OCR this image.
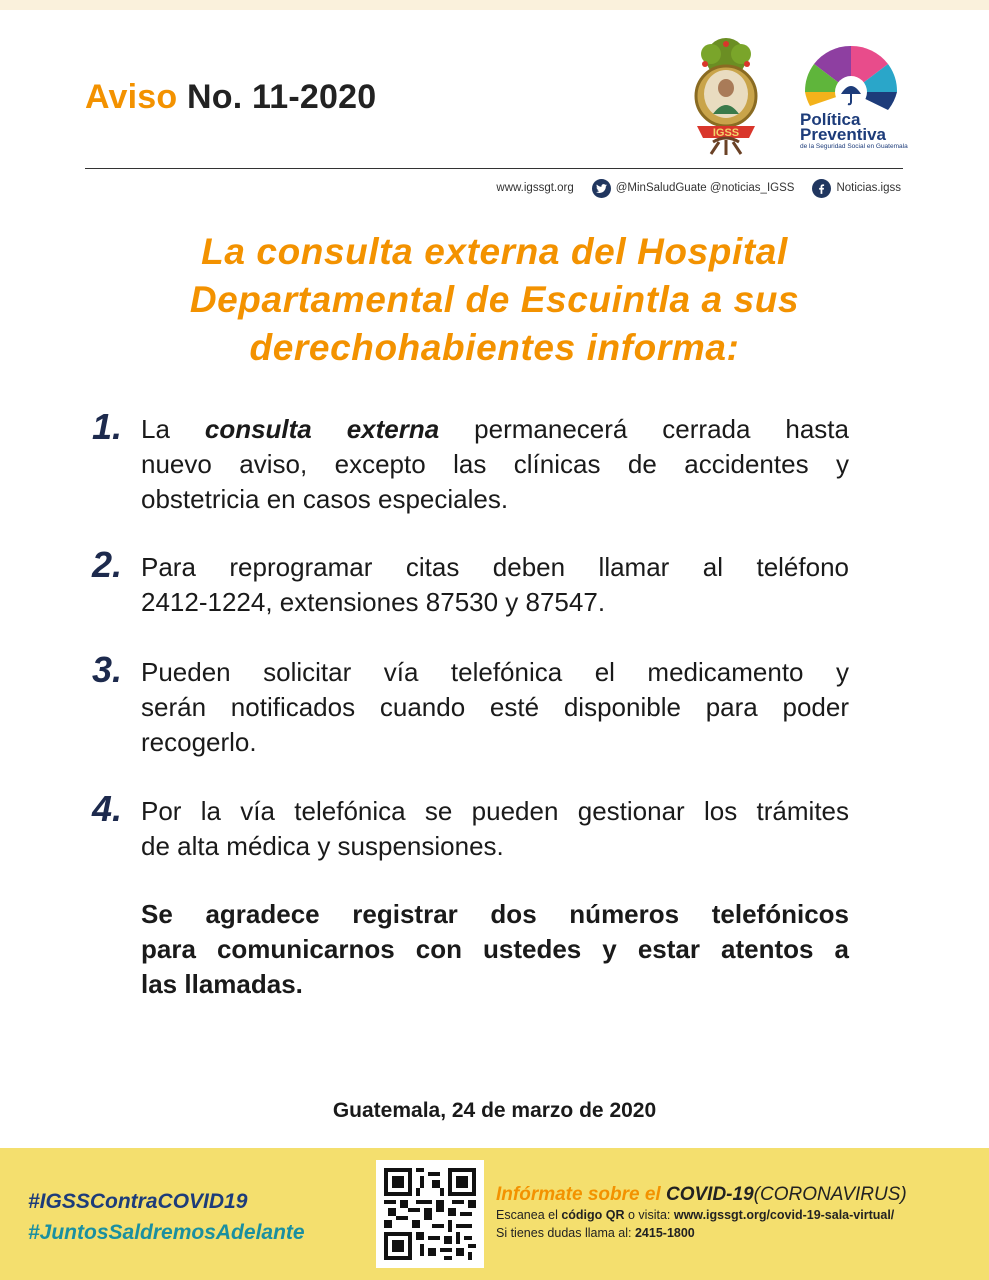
Aviso No. 11-2020
IGSS
Política
Preventiva
de la Seguridad Social en Guatemala
www.igssgt.org	@MinSaludGuate @noticias_IGSS	Noticias.igss
La consulta externa del Hospital
Departamental de Escuintla a sus
derechohabientes informa:
1. La consulta externa permanecerá cerrada hasta
nuevo aviso, excepto las clínicas de accidentes y
obstetricia en casos especiales.
2. Para reprogramar citas deben llamar al teléfono
2412-1224, extensiones 87530 y 87547.
3. Pueden solicitar vía telefónica el medicamento y
serán notificados cuando esté disponible para poder
recogerlo.
4. Por la vía telefónica se pueden gestionar los trámites
de alta médica y suspensiones.
Se agradece registrar dos números telefónicos
para comunicarnos con ustedes y estar atentos a
las llamadas.
Guatemala, 24 de marzo de 2020
#IGSSContraCOVID19
#JuntosSaldremosAdelante
Infórmate sobre el COVID-19(CORONAVIRUS)
Escanea el código QR o visita: www.igssgt.org/covid-19-sala-virtual/
Si tienes dudas llama al: 2415-1800
